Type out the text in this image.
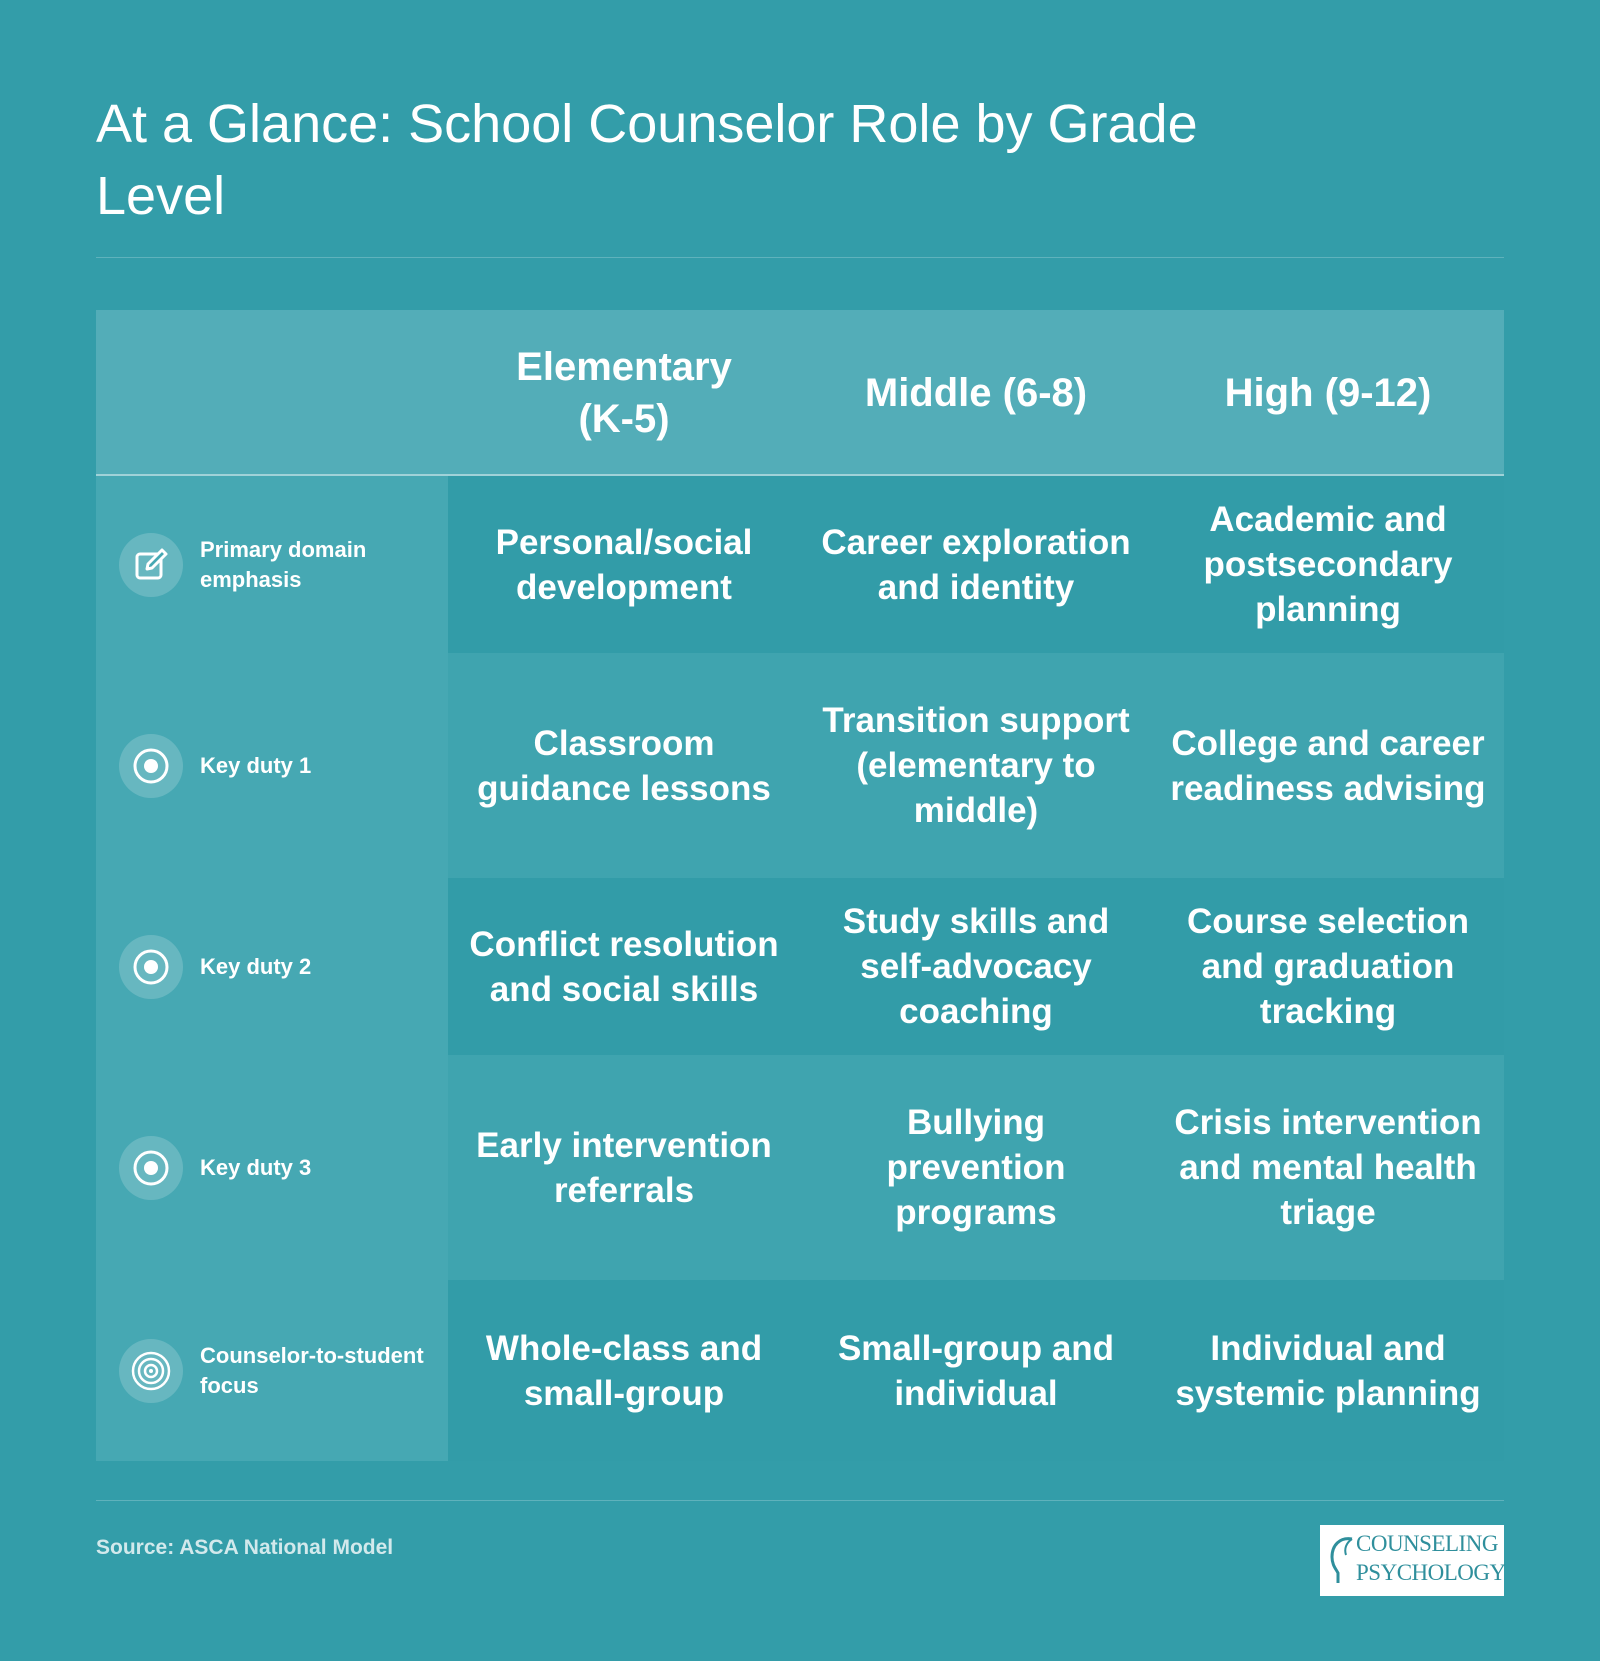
At a Glance: School Counselor Role by Grade Level
Elementary (K-5)
Middle (6-8)	High (9-12)
Primary domain emphasis
Personal/social development
Career exploration and identity
Academic and postsecondary planning
Key duty 1
Classroom guidance lessons
Transition support (elementary to middle)
College and career readiness advising
Key duty 2
Conflict resolution and social skills
Study skills and self-advocacy coaching
Course selection and graduation tracking
Key duty 3
Early intervention referrals
Bullying prevention programs
Crisis intervention and mental health triage
Counselor-to-student focus
Whole-class and small-group
Small-group and individual
Individual and systemic planning
Source: ASCA National Model	COUNSELING
PSYCHOLOGY
